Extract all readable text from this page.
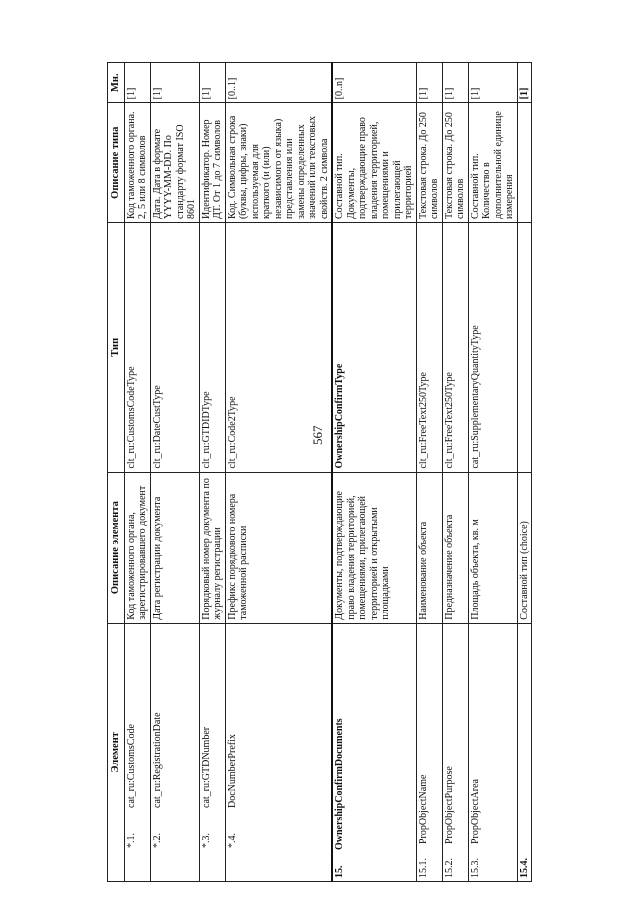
567
Элемент	Описание элемента	Тип	Описание типа	Мн.
*.1.cat_ru:CustomsCode	Код таможенного органа, зарегистрировавшего документ	clt_ru:CustomsCodeType	Код таможенного органа. 2, 5 или 8 символов	[1]
*.2.cat_ru:RegistrationDate	Дата регистрации документа	clt_ru:DateCustType	Дата. Дата в формате YYYY-MM-DD. По стандарту формат ISO 8601	[1]
*.3.cat_ru:GTDNumber	Порядковый номер документа по журналу регистрации	clt_ru:GTDIDType	Идентификатор. Номер ДТ. От 1 до 7 символов	[1]
*.4.DocNumberPrefix	Префикс порядкового номера таможенной расписки	clt_ru:Code2Type	Код. Символьная строка (буквы, цифры, знаки) используемая для краткого (и (или) независимого от языка) представления или замены определенных значений или текстовых свойств. 2 символа	[0..1]
15.OwnershipConfirmDocuments	Документы, подтверждающие право владения территорией, помещениями, прилегающей территорией и открытыми площадками	OwnershipConfirmType	Составной тип. Документы, подтверждающие право владения территорией, помещениями и прилегающей территорией	[0..n]
15.1.PropObjectName	Наименование объекта	clt_ru:FreeText250Type	Текстовая строка. До 250 символов	[1]
15.2.PropObjectPurpose	Предназначение объекта	clt_ru:FreeText250Type	Текстовая строка. До 250 символов	[1]
15.3.PropObjectArea	Площадь объекта, кв. м	cat_ru:SupplementaryQuantityType	Составной тип. Количество в дополнительной единице измерения	[1]
15.4.	Составной тип (choice)			[1]
